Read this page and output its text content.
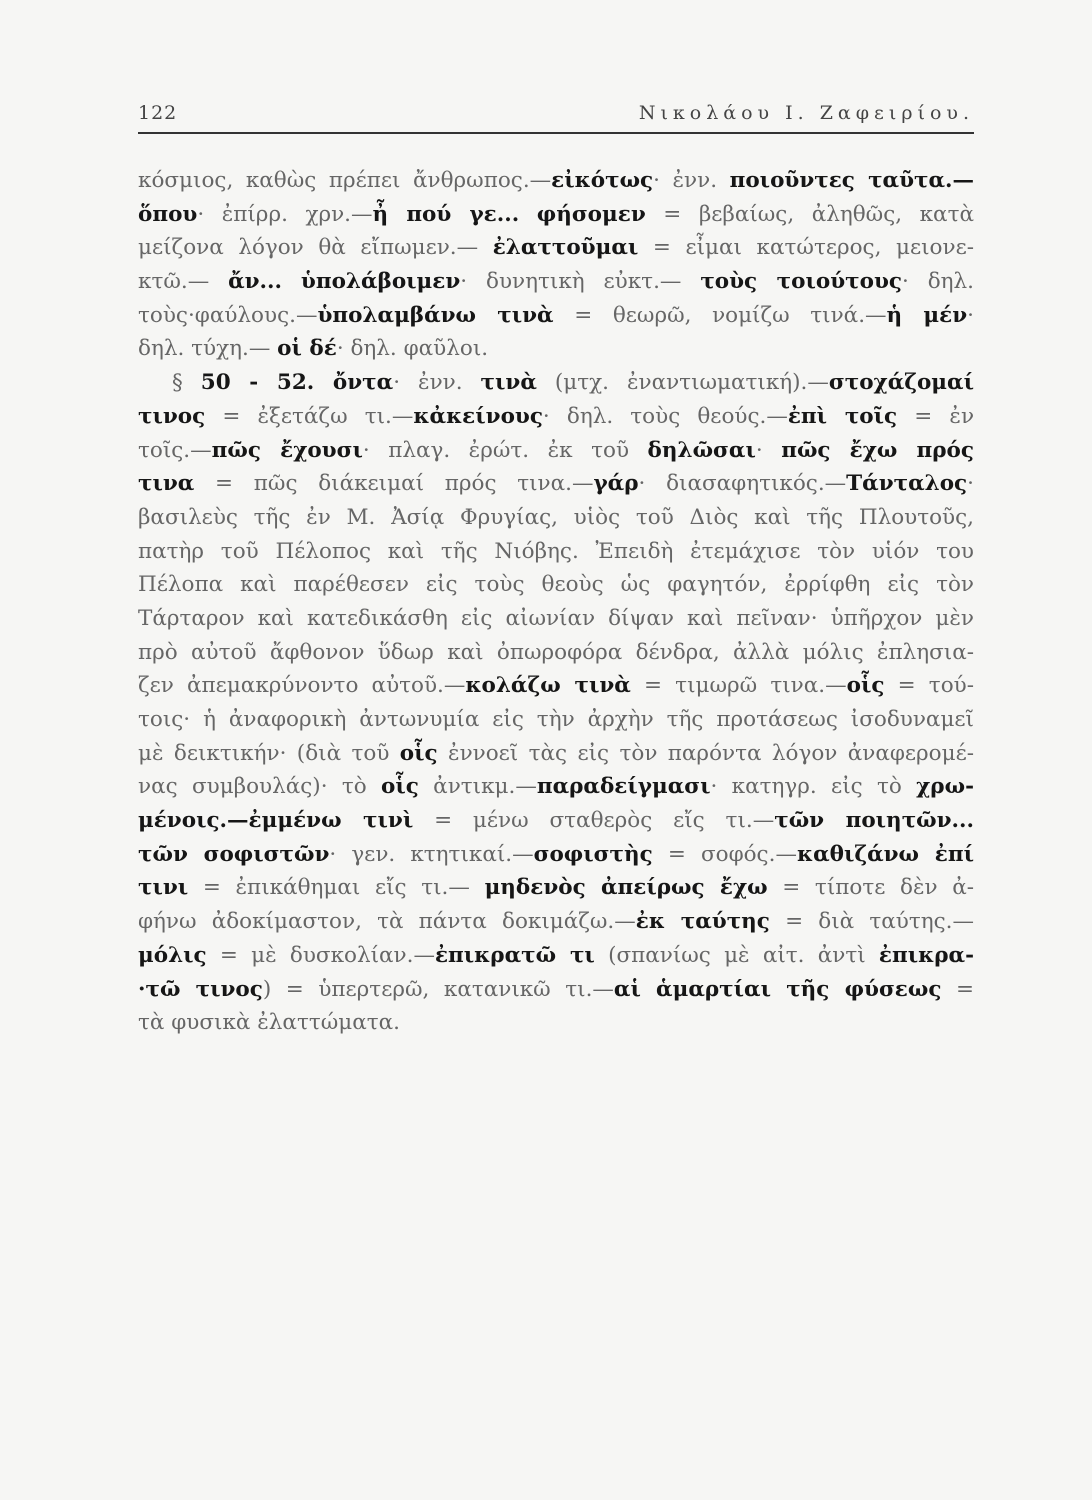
122	Νικολάου Ι. Ζαφειρίου.
κόσμιος, καθὼς πρέπει ἄνθρωπος.—εἰκότως· ἐνν. ποιοῦντες ταῦτα.—
ὅπου· ἐπίρρ. χρν.—ἦ πού γε... φήσομεν = βεβαίως, ἀληθῶς, κατὰ
μείζονα λόγον θὰ εἴπωμεν.— ἐλαττοῦμαι = εἶμαι κατώτερος, μειονε-
κτῶ.— ἄν... ὑπολάβοιμεν· δυνητικὴ εὐκτ.— τοὺς τοιούτους· δηλ.
τοὺς·φαύλους.—ὑπολαμβάνω τινὰ = θεωρῶ, νομίζω τινά.—ἡ μέν·
δηλ. τύχη.— οἱ δέ· δηλ. φαῦλοι.
§ 50 - 52. ὄντα· ἐνν. τινὰ (μτχ. ἐναντιωματική).—στοχάζομαί
τινος = ἐξετάζω τι.—κἀκείνους· δηλ. τοὺς θεούς.—ἐπὶ τοῖς = ἐν
τοῖς.—πῶς ἔχουσι· πλαγ. ἐρώτ. ἐκ τοῦ δηλῶσαι· πῶς ἔχω πρός
τινα = πῶς διάκειμαί πρός τινα.—γάρ· διασαφητικός.—Τάνταλος·
βασιλεὺς τῆς ἐν Μ. Ἀσίᾳ Φρυγίας, υἱὸς τοῦ Διὸς καὶ τῆς Πλουτοῦς,
πατὴρ τοῦ Πέλοπος καὶ τῆς Νιόβης. Ἐπειδὴ ἐτεμάχισε τὸν υἱόν του
Πέλοπα καὶ παρέθεσεν εἰς τοὺς θεοὺς ὡς φαγητόν, ἐρρίφθη εἰς τὸν
Τάρταρον καὶ κατεδικάσθη εἰς αἰωνίαν δίψαν καὶ πεῖναν· ὑπῆρχον μὲν
πρὸ αὐτοῦ ἄφθονον ὕδωρ καὶ ὀπωροφόρα δένδρα, ἀλλὰ μόλις ἐπλησια-
ζεν ἀπεμακρύνοντο αὐτοῦ.—κολάζω τινὰ = τιμωρῶ τινα.—οἷς = τού-
τοις· ἡ ἀναφορικὴ ἀντωνυμία εἰς τὴν ἀρχὴν τῆς προτάσεως ἰσοδυναμεῖ
μὲ δεικτικήν· (διὰ τοῦ οἷς ἐννοεῖ τὰς εἰς τὸν παρόντα λόγον ἀναφερομέ-
νας συμβουλάς)· τὸ οἷς ἀντικμ.—παραδείγμασι· κατηγρ. εἰς τὸ χρω-
μένοις.—ἐμμένω τινὶ = μένω σταθερὸς εἴς τι.—τῶν ποιητῶν...
τῶν σοφιστῶν· γεν. κτητικαί.—σοφιστὴς = σοφός.—καθιζάνω ἐπί
τινι = ἐπικάθημαι εἴς τι.— μηδενὸς ἀπείρως ἔχω = τίποτε δὲν ἀ-
φήνω ἀδοκίμαστον, τὰ πάντα δοκιμάζω.—ἐκ ταύτης = διὰ ταύτης.—
μόλις = μὲ δυσκολίαν.—ἐπικρατῶ τι (σπανίως μὲ αἰτ. ἀντὶ ἐπικρα-
·τῶ τινος) = ὑπερτερῶ, κατανικῶ τι.—αἱ ἁμαρτίαι τῆς φύσεως =
τὰ φυσικὰ ἐλαττώματα.
